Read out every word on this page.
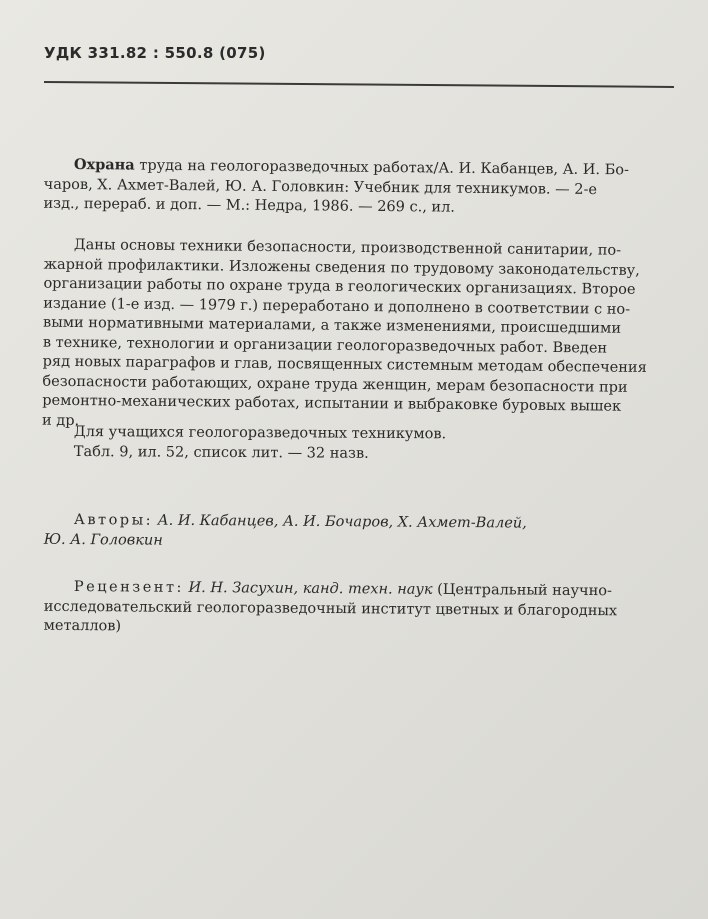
УДК 331.82 : 550.8 (075)
Охрана труда на геологоразведочных работах/А. И. Кабанцев, А. И. Бо-
чаров, Х. Ахмет-Валей, Ю. А. Головкин: Учебник для техникумов. — 2-е
изд., перераб. и доп. — М.: Недра, 1986. — 269 с., ил.
Даны основы техники безопасности, производственной санитарии, по-
жарной профилактики. Изложены сведения по трудовому законодательству,
организации работы по охране труда в геологических организациях. Второе
издание (1-е изд. — 1979 г.) переработано и дополнено в соответствии с но-
выми нормативными материалами, а также изменениями, происшедшими
в технике, технологии и организации геологоразведочных работ. Введен
ряд новых параграфов и глав, посвященных системным методам обеспечения
безопасности работающих, охране труда женщин, мерам безопасности при
ремонтно-механических работах, испытании и выбраковке буровых вышек
и др.
Для учащихся геологоразведочных техникумов.
Табл. 9, ил. 52, список лит. — 32 назв.
Авторы: А. И. Кабанцев, А. И. Бочаров, Х. Ахмет-Валей,
Ю. А. Головкин
Рецензент: И. Н. Засухин, канд. техн. наук (Центральный научно-
исследовательский геологоразведочный институт цветных и благородных
металлов)
